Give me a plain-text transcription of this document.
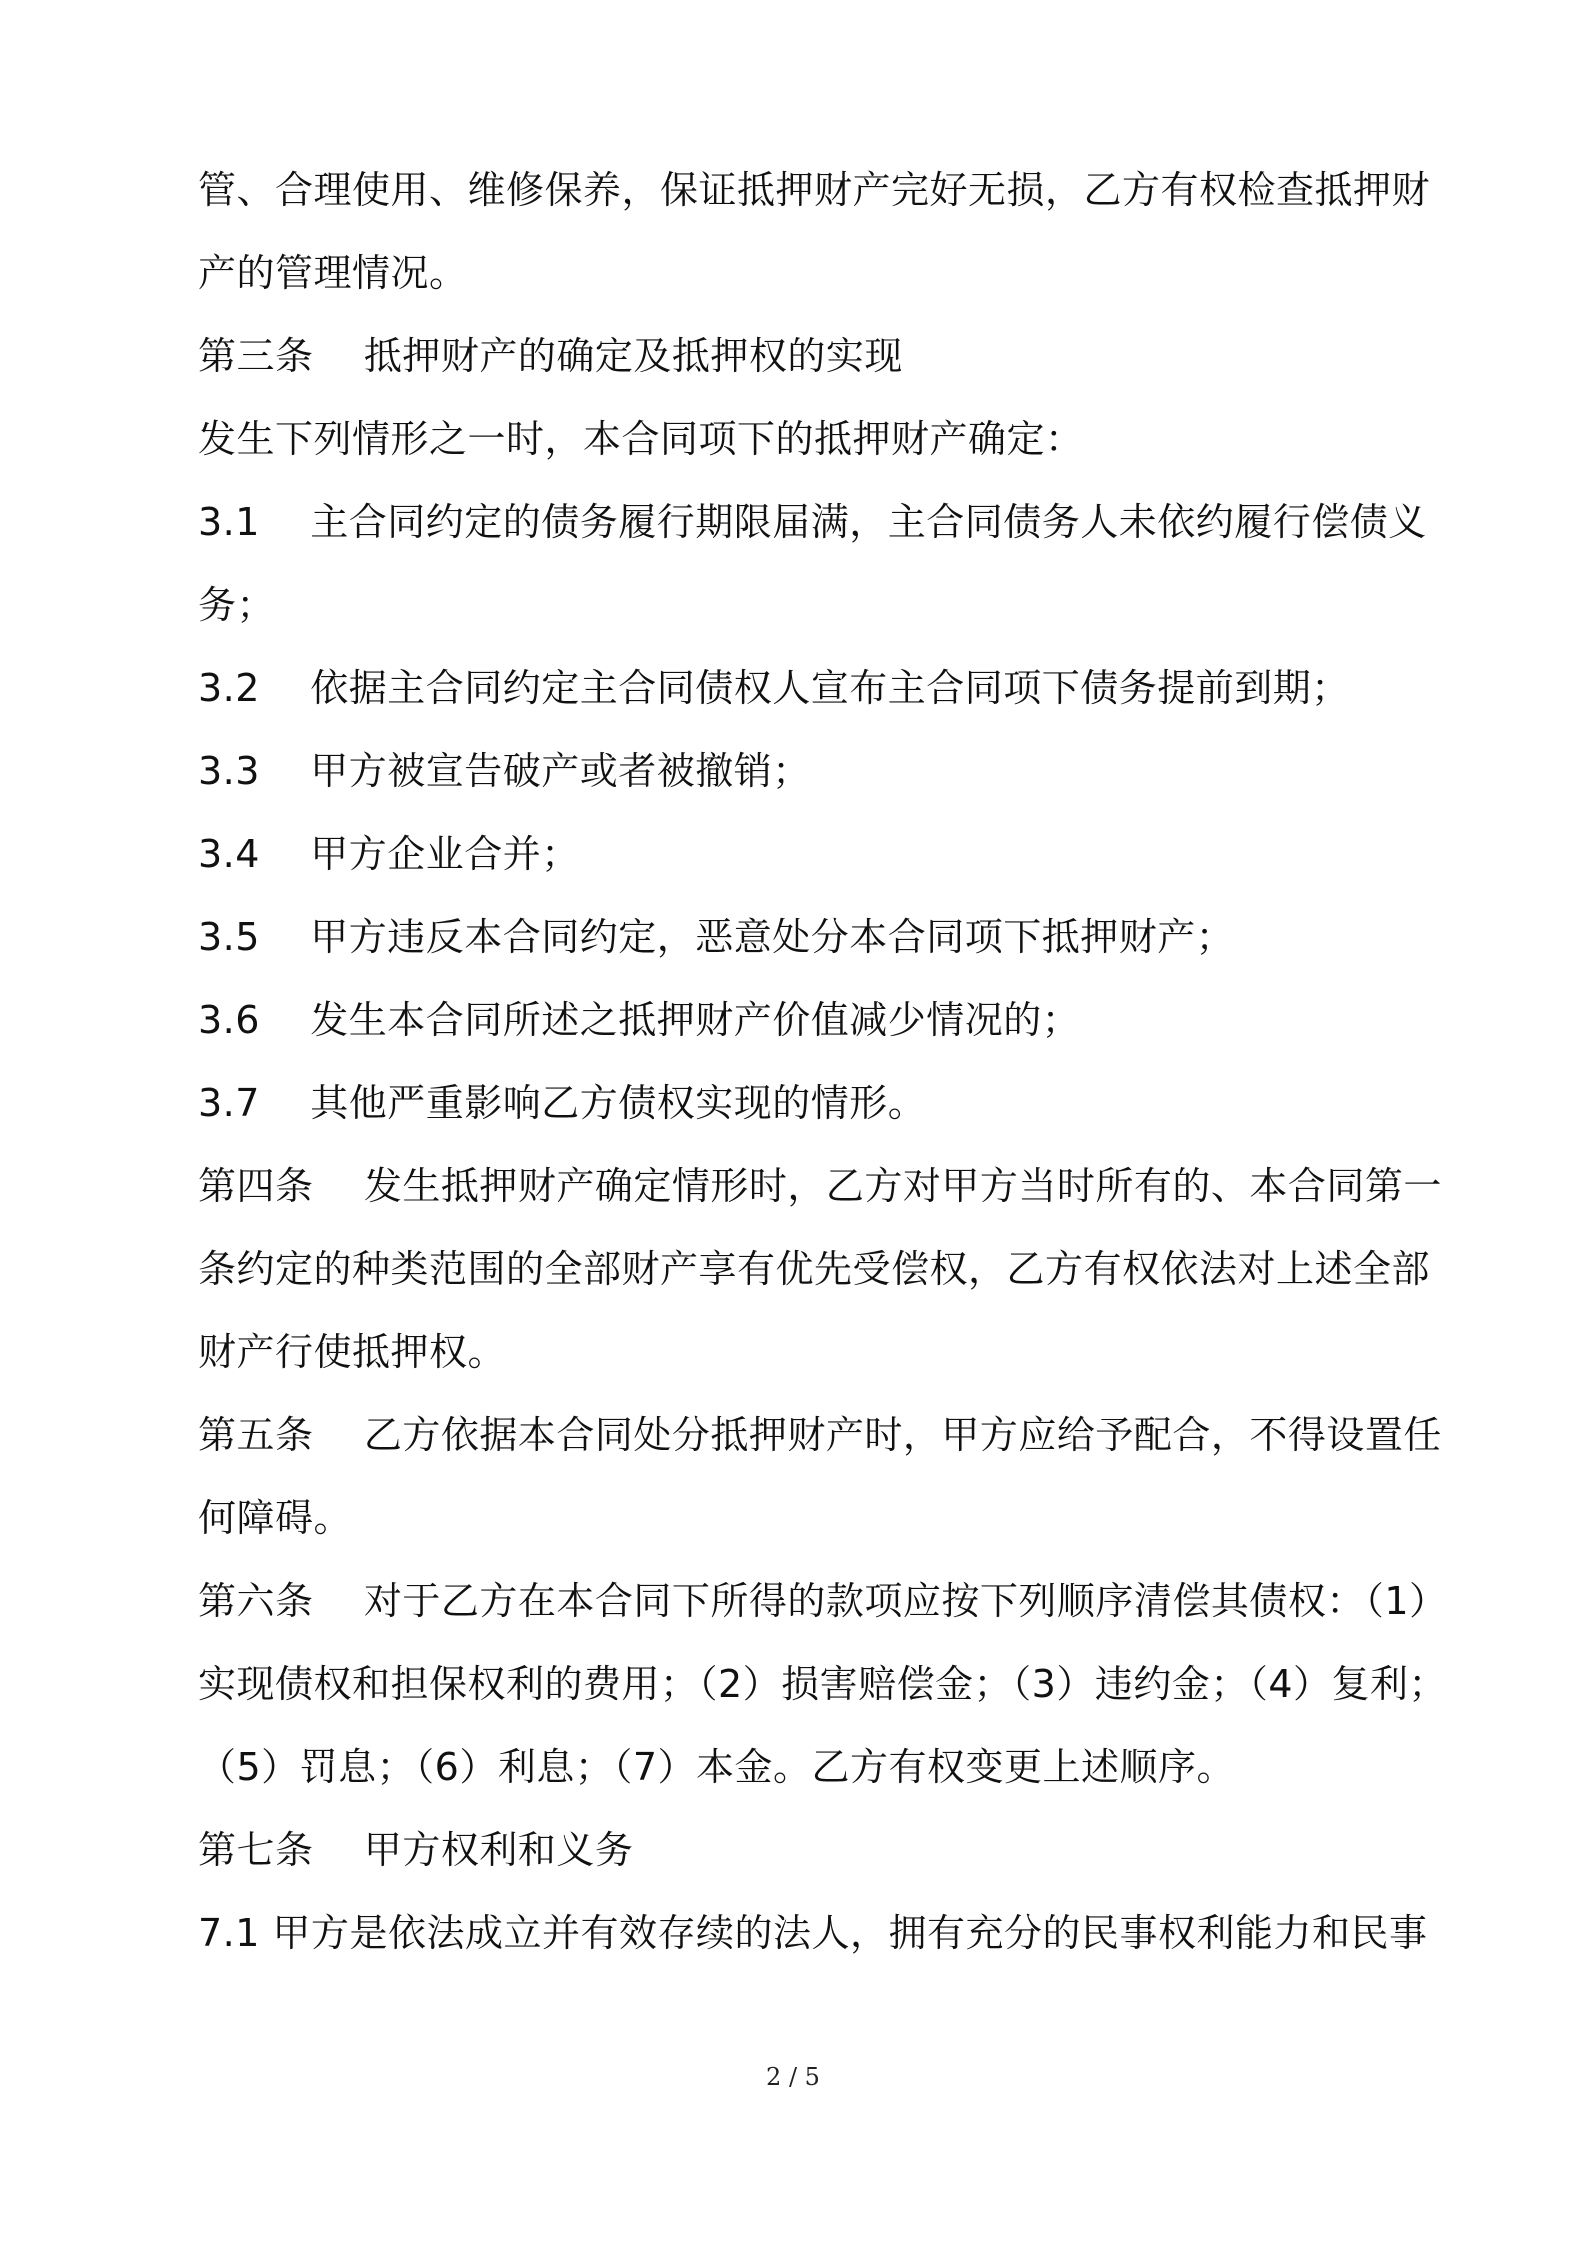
管、合理使用、维修保养，保证抵押财产完好无损，乙方有权检查抵押财
产的管理情况。
第三条    抵押财产的确定及抵押权的实现
发生下列情形之一时，本合同项下的抵押财产确定：
3.1    主合同约定的债务履行期限届满，主合同债务人未依约履行偿债义
务；
3.2    依据主合同约定主合同债权人宣布主合同项下债务提前到期；
3.3    甲方被宣告破产或者被撤销；
3.4    甲方企业合并；
3.5    甲方违反本合同约定，恶意处分本合同项下抵押财产；
3.6    发生本合同所述之抵押财产价值减少情况的；
3.7    其他严重影响乙方债权实现的情形。
第四条    发生抵押财产确定情形时，乙方对甲方当时所有的、本合同第一
条约定的种类范围的全部财产享有优先受偿权，乙方有权依法对上述全部
财产行使抵押权。
第五条    乙方依据本合同处分抵押财产时，甲方应给予配合，不得设置任
何障碍。
第六条    对于乙方在本合同下所得的款项应按下列顺序清偿其债权：（1）
实现债权和担保权利的费用；（2）损害赔偿金；（3）违约金；（4）复利；
（5）罚息；（6）利息；（7）本金。乙方有权变更上述顺序。
第七条    甲方权利和义务
7.1 甲方是依法成立并有效存续的法人，拥有充分的民事权利能力和民事
2 / 5
